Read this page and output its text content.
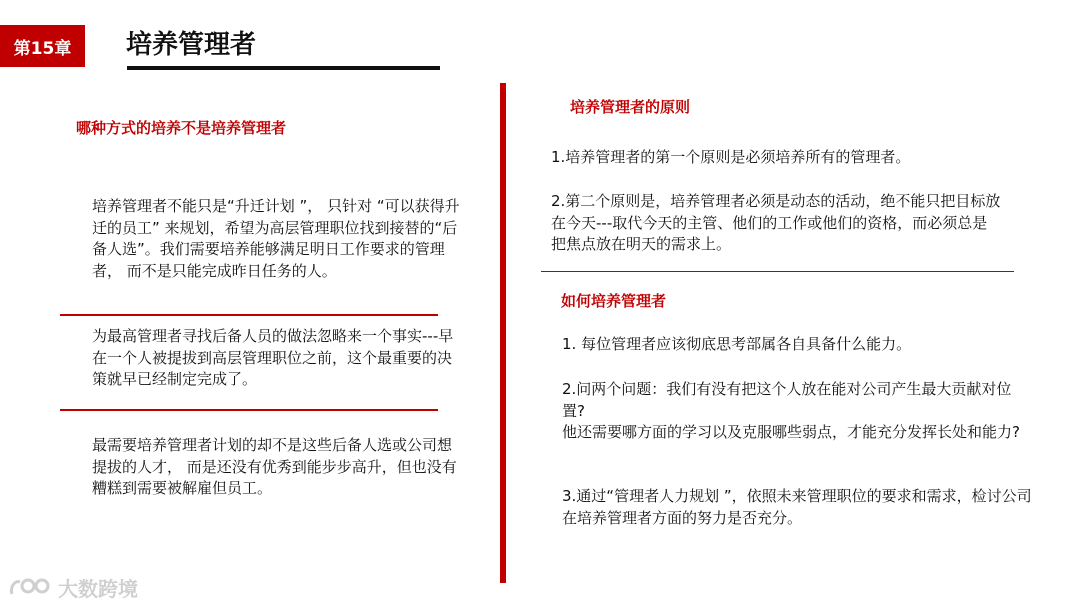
第15章	培养管理者
哪种方式的培养不是培养管理者
培养管理者不能只是“升迁计划 ”， 只针对 “可以获得升迁的员工” 来规划，希望为高层管理职位找到接替的“后备人选”。我们需要培养能够满足明日工作要求的管理者， 而不是只能完成昨日任务的人。
为最高管理者寻找后备人员的做法忽略来一个事实---早在一个人被提拔到高层管理职位之前，这个最重要的决策就早已经制定完成了。
最需要培养管理者计划的却不是这些后备人选或公司想提拔的人才， 而是还没有优秀到能步步高升，但也没有糟糕到需要被解雇但员工。
培养管理者的原则
1.培养管理者的第一个原则是必须培养所有的管理者。
2.第二个原则是，培养管理者必须是动态的活动，绝不能只把目标放在今天---取代今天的主管、他们的工作或他们的资格，而必须总是把焦点放在明天的需求上。
如何培养管理者
1. 每位管理者应该彻底思考部属各自具备什么能力。
2.问两个问题：我们有没有把这个人放在能对公司产生最大贡献对位置?
他还需要哪方面的学习以及克服哪些弱点，才能充分发挥长处和能力?
3.通过“管理者人力规划 ”，依照未来管理职位的要求和需求，检讨公司在培养管理者方面的努力是否充分。
大数跨境
